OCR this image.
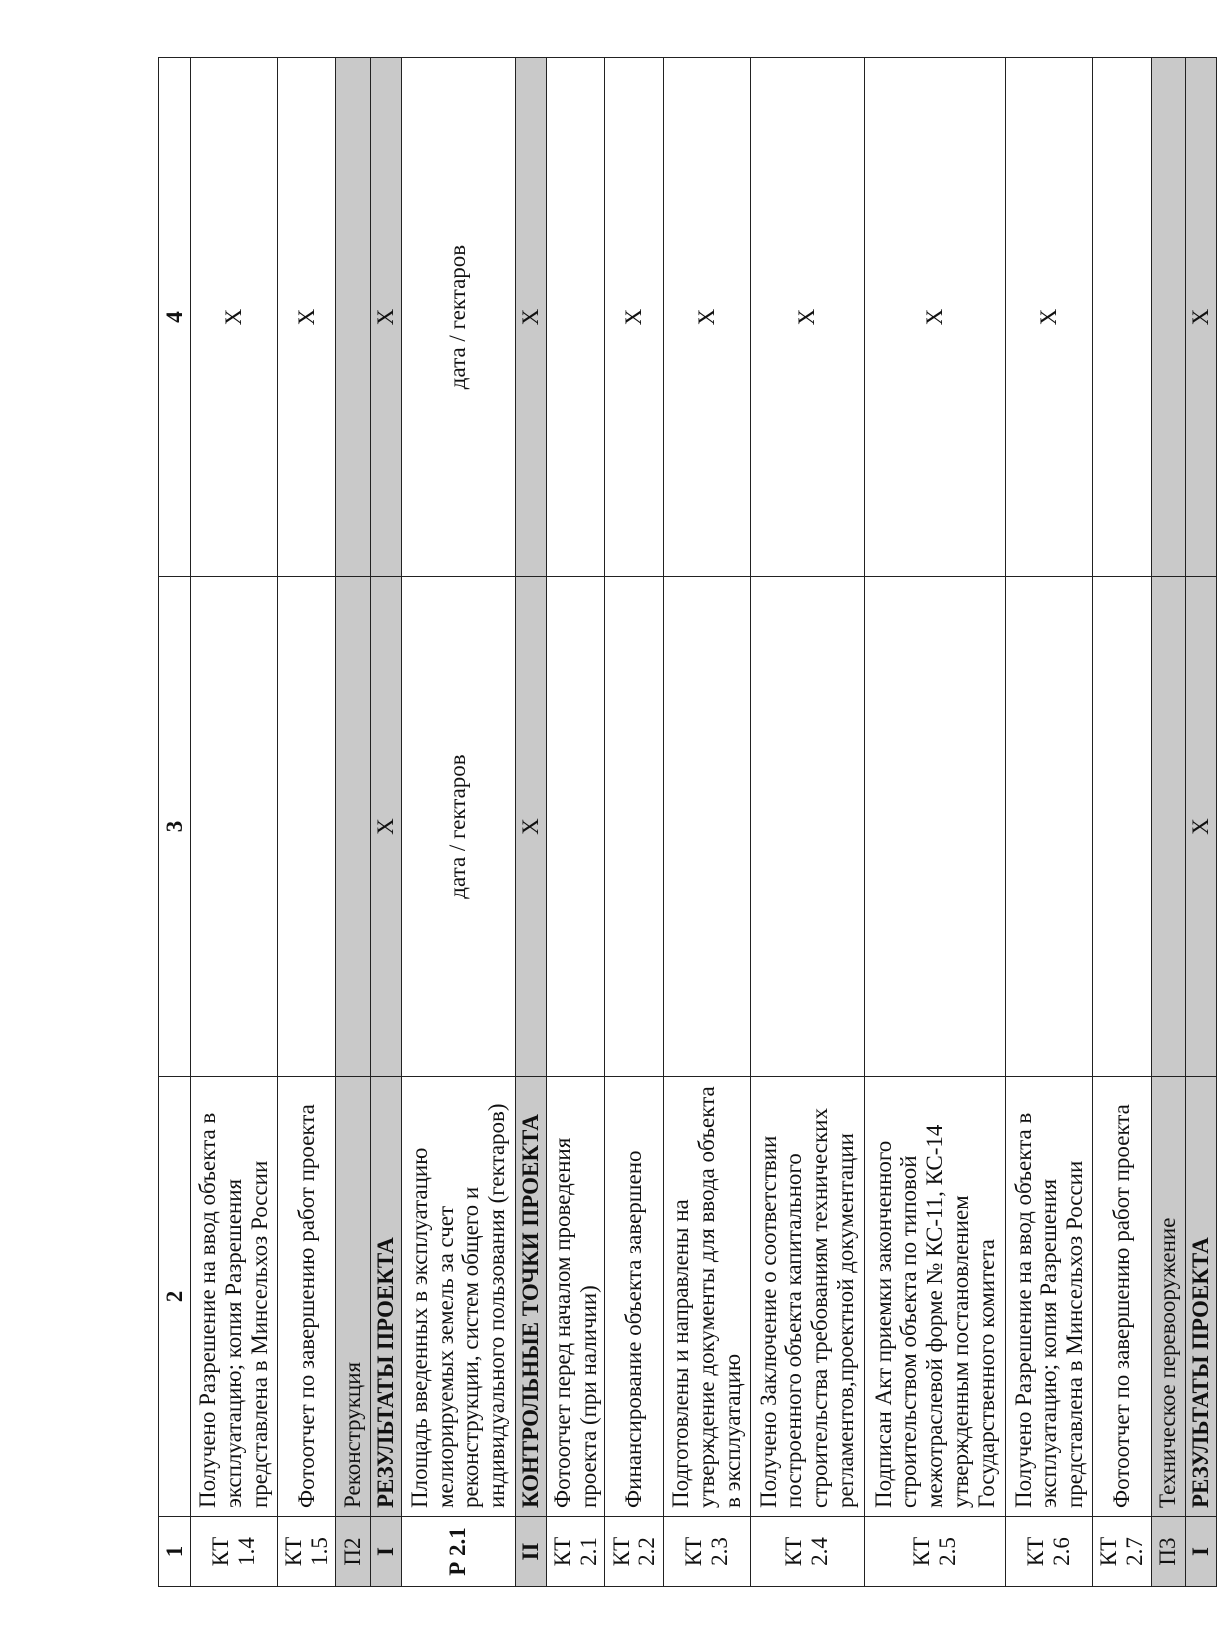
1	2	3	4
КТ 1.4	Получено Разрешение на ввод объекта в эксплуатацию; копия Разрешения представлена в Минсельхоз России		Х
КТ 1.5	Фотоотчет по завершению работ проекта		Х
П2	Реконструкция		
I	РЕЗУЛЬТАТЫ ПРОЕКТА	Х	Х
Р 2.1	Площадь введенных в эксплуатацию мелиорируемых земель за счет реконструкции, систем общего и индивидуального пользования (гектаров)	дата / гектаров	дата / гектаров
II	КОНТРОЛЬНЫЕ ТОЧКИ ПРОЕКТА	Х	Х
КТ 2.1	Фотоотчет перед началом проведения проекта (при наличии)		
КТ 2.2	Финансирование объекта завершено		Х
КТ 2.3	Подготовлены и направлены на утверждение документы для ввода объекта в эксплуатацию		Х
КТ 2.4	Получено Заключение о соответствии построенного объекта капитального строительства требованиям технических регламентов,проектной документации		Х
КТ 2.5	Подписан Акт приемки законченного строительством объекта по типовой межотраслевой форме № КС-11, КС-14 утвержденным постановлением Государственного комитета		Х
КТ 2.6	Получено Разрешение на ввод объекта в эксплуатацию; копия Разрешения представлена в Минсельхоз России		Х
КТ 2.7	Фотоотчет по завершению работ проекта		
П3	Техническое перевооружение		
I	РЕЗУЛЬТАТЫ ПРОЕКТА	Х	Х
